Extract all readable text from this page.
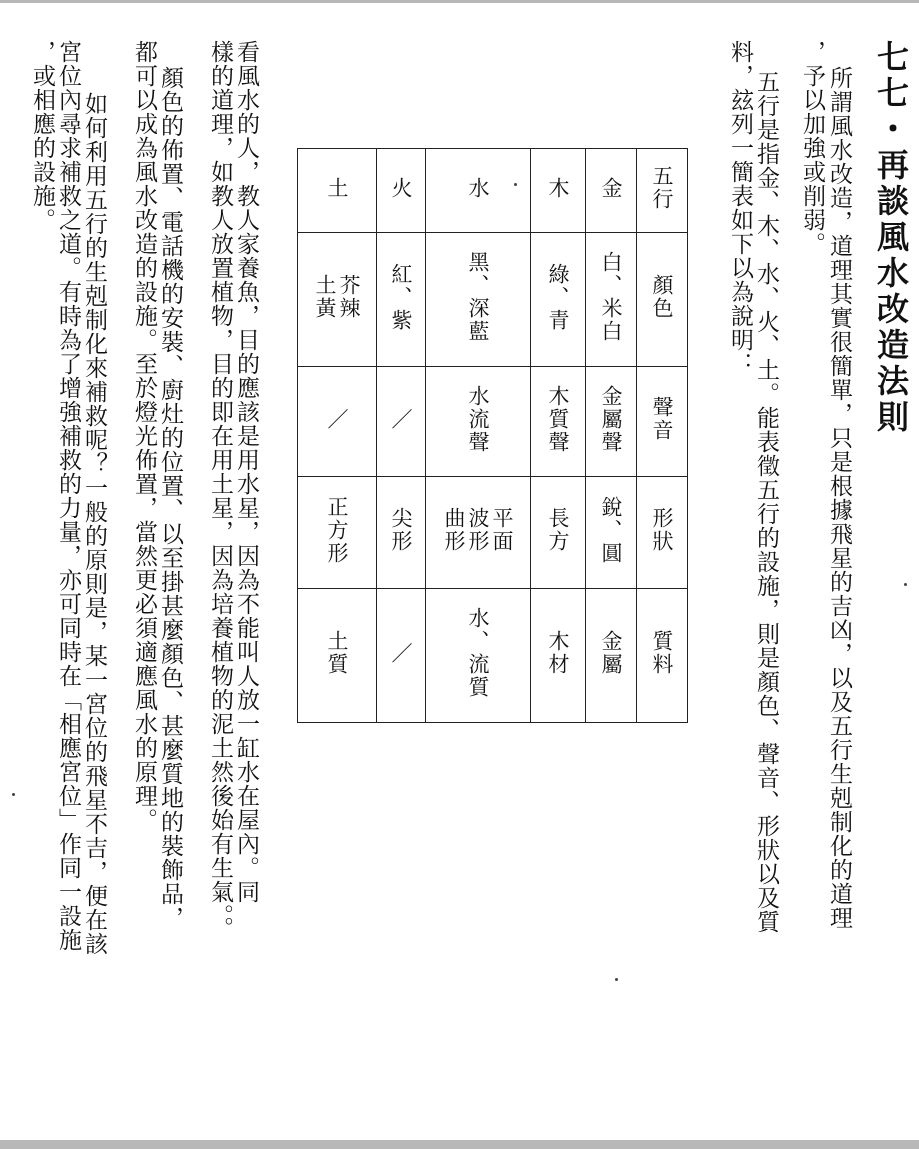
七七・再談風水改造法則
所謂風水改造，道理其實很簡單，只是根據飛星的吉凶，以及五行生剋制化的道理
，予以加強或削弱。
五行是指金、木、水、火、土。能表徵五行的設施，則是顏色、聲音、形狀以及質
料，玆列一簡表如下以為說明：
土	火	水	木	金	五行
土黃芥辣	紅、紫	黑、深藍	綠、青	白、米白	顏色
／	／	水流聲	木質聲	金屬聲	聲音
正方形	尖形	曲形波形平面	長方	銳、圓	形狀
土質	／	水、流質	木材	金屬	質料
看風水的人，教人家養魚，目的應該是用水星，因為不能叫人放一缸水在屋內。同
樣的道理，如教人放置植物，目的即在用土星，因為培養植物的泥土然後始有生氣。。
顏色的佈置、電話機的安裝、廚灶的位置、以至掛甚麼顏色、甚麼質地的裝飾品，
都可以成為風水改造的設施。至於燈光佈置，當然更必須適應風水的原理。
如何利用五行的生剋制化來補救呢？一般的原則是，某一宮位的飛星不吉，便在該
宮位內尋求補救之道。有時為了增強補救的力量，亦可同時在「相應宮位」作同一設施
，或相應的設施。
